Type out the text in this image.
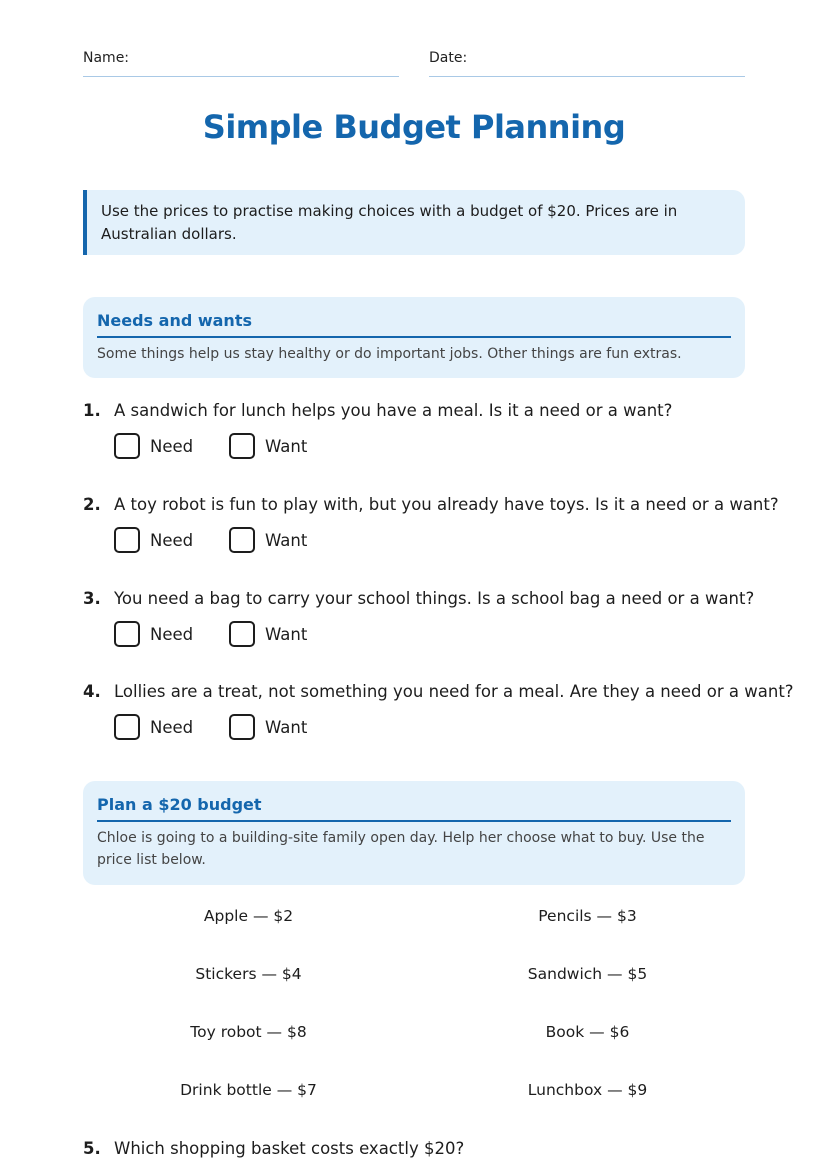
Name:	Date:
Simple Budget Planning
Use the prices to practise making choices with a budget of $20. Prices are in Australian dollars.
Needs and wants
Some things help us stay healthy or do important jobs. Other things are fun extras.
1. A sandwich for lunch helps you have a meal. Is it a need or a want?
Need	Want
2. A toy robot is fun to play with, but you already have toys. Is it a need or a want?
Need	Want
3. You need a bag to carry your school things. Is a school bag a need or a want?
Need	Want
4. Lollies are a treat, not something you need for a meal. Are they a need or a want?
Need	Want
Plan a $20 budget
Chloe is going to a building-site family open day. Help her choose what to buy. Use the price list below.
Apple — $2	Pencils — $3
Stickers — $4	Sandwich — $5
Toy robot — $8	Book — $6
Drink bottle — $7	Lunchbox — $9
5. Which shopping basket costs exactly $20?
